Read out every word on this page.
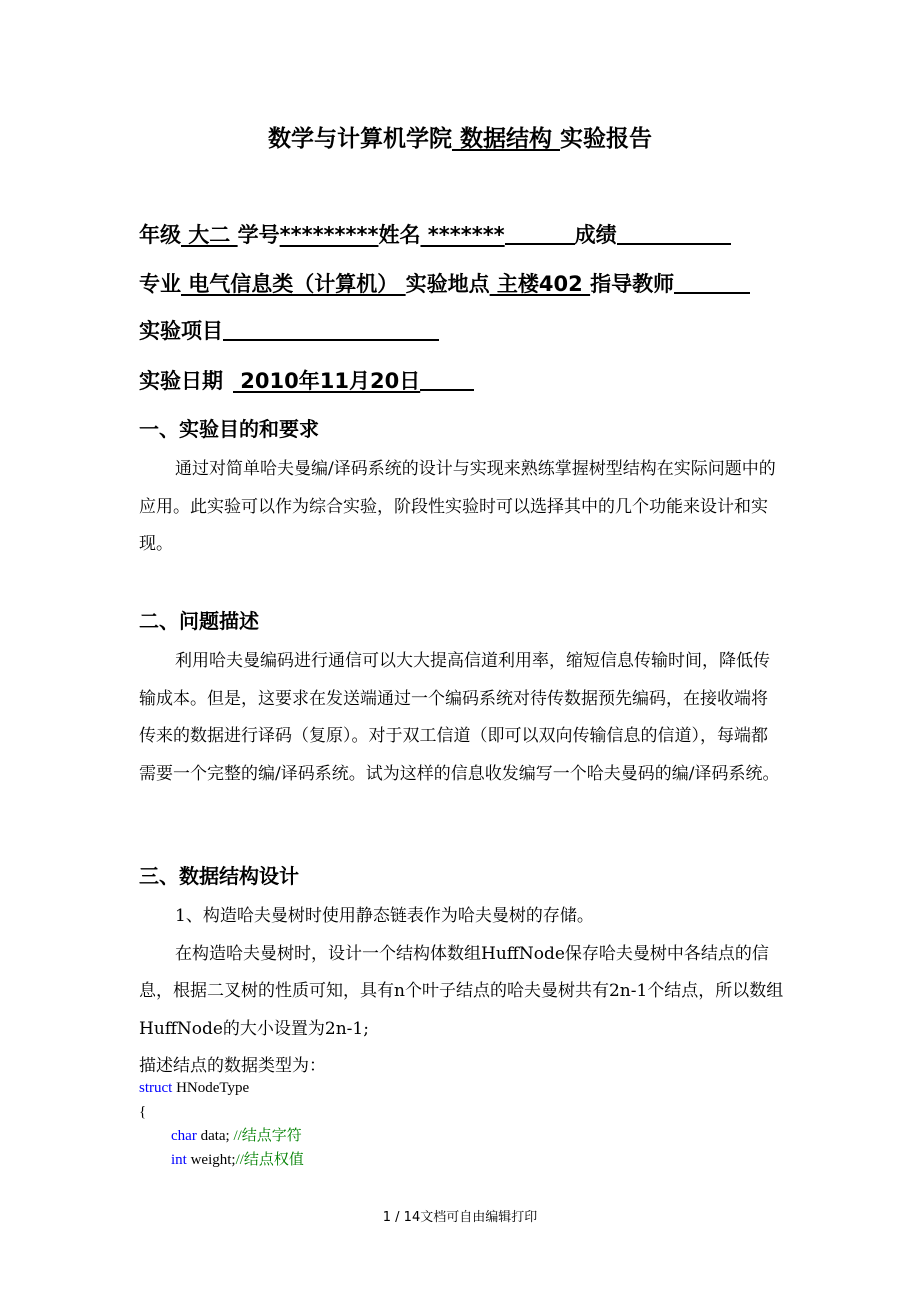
数学与计算机学院 数据结构 实验报告
年级 大二 学号*********姓名 *******	成绩
专业 电气信息类（计算机） 实验地点 主楼402 指导教师
实验项目
实验日期 2010年11月20日
一、实验目的和要求

通过对简单哈夫曼编/译码系统的设计与实现来熟练掌握树型结构在实际问题中的应用。此实验可以作为综合实验，阶段性实验时可以选择其中的几个功能来设计和实现。

二、问题描述

利用哈夫曼编码进行通信可以大大提高信道利用率，缩短信息传输时间，降低传输成本。但是，这要求在发送端通过一个编码系统对待传数据预先编码，在接收端将传来的数据进行译码（复原）。对于双工信道（即可以双向传输信息的信道），每端都需要一个完整的编/译码系统。试为这样的信息收发编写一个哈夫曼码的编/译码系统。

三、数据结构设计

1、构造哈夫曼树时使用静态链表作为哈夫曼树的存储。

在构造哈夫曼树时，设计一个结构体数组HuffNode保存哈夫曼树中各结点的信息，根据二叉树的性质可知，具有n个叶子结点的哈夫曼树共有2n-1个结点，所以数组HuffNode的大小设置为2n-1;

描述结点的数据类型为：

struct HNodeType
{
char data; //结点字符
int weight;//结点权值
1 / 14文档可自由编辑打印
